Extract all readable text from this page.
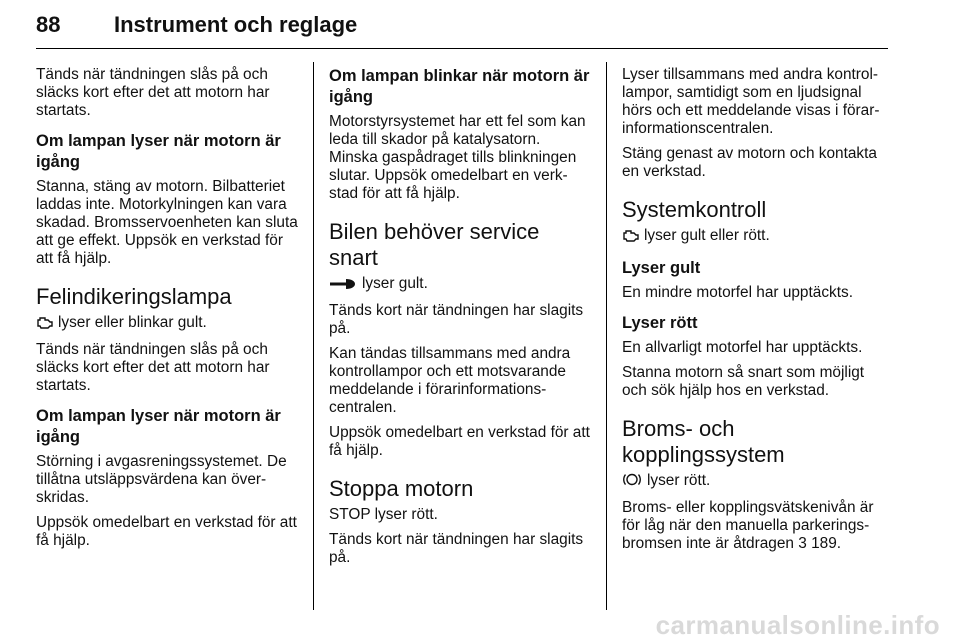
88 Instrument och reglage

Tänds när tändningen slås på och släcks kort efter det att motorn har startats.

Om lampan lyser när motorn är igång

Stanna, stäng av motorn. Bilbatteriet laddas inte. Motorkylningen kan vara skadad. Bromsservoenheten kan sluta att ge effekt. Uppsök en verkstad för att få hjälp.

Felindikeringslampa

lyser eller blinkar gult.

Tänds när tändningen slås på och släcks kort efter det att motorn har startats.

Om lampan lyser när motorn är igång

Störning i avgasreningssystemet. De tillåtna utsläppsvärdena kan överskridas.

Uppsök omedelbart en verkstad för att få hjälp.

Om lampan blinkar när motorn är igång

Motorstyrsystemet har ett fel som kan leda till skador på katalysatorn. Minska gaspådraget tills blinkningen slutar. Uppsök omedelbart en verkstad för att få hjälp.

Bilen behöver service snart

lyser gult.

Tänds kort när tändningen har slagits på.

Kan tändas tillsammans med andra kontrollampor och ett motsvarande meddelande i förarinformationscentralen.

Uppsök omedelbart en verkstad för att få hjälp.

Stoppa motorn

STOP lyser rött.

Tänds kort när tändningen har slagits på.

Lyser tillsammans med andra kontrollampor, samtidigt som en ljudsignal hörs och ett meddelande visas i förarinformationscentralen.

Stäng genast av motorn och kontakta en verkstad.

Systemkontroll

lyser gult eller rött.

Lyser gult

En mindre motorfel har upptäckts.

Lyser rött

En allvarligt motorfel har upptäckts.

Stanna motorn så snart som möjligt och sök hjälp hos en verkstad.

Broms- och kopplingssystem

lyser rött.

Broms- eller kopplingsvätskenivån är för låg när den manuella parkeringsbromsen inte är åtdragen 3 189.

carmanualsonline.info
